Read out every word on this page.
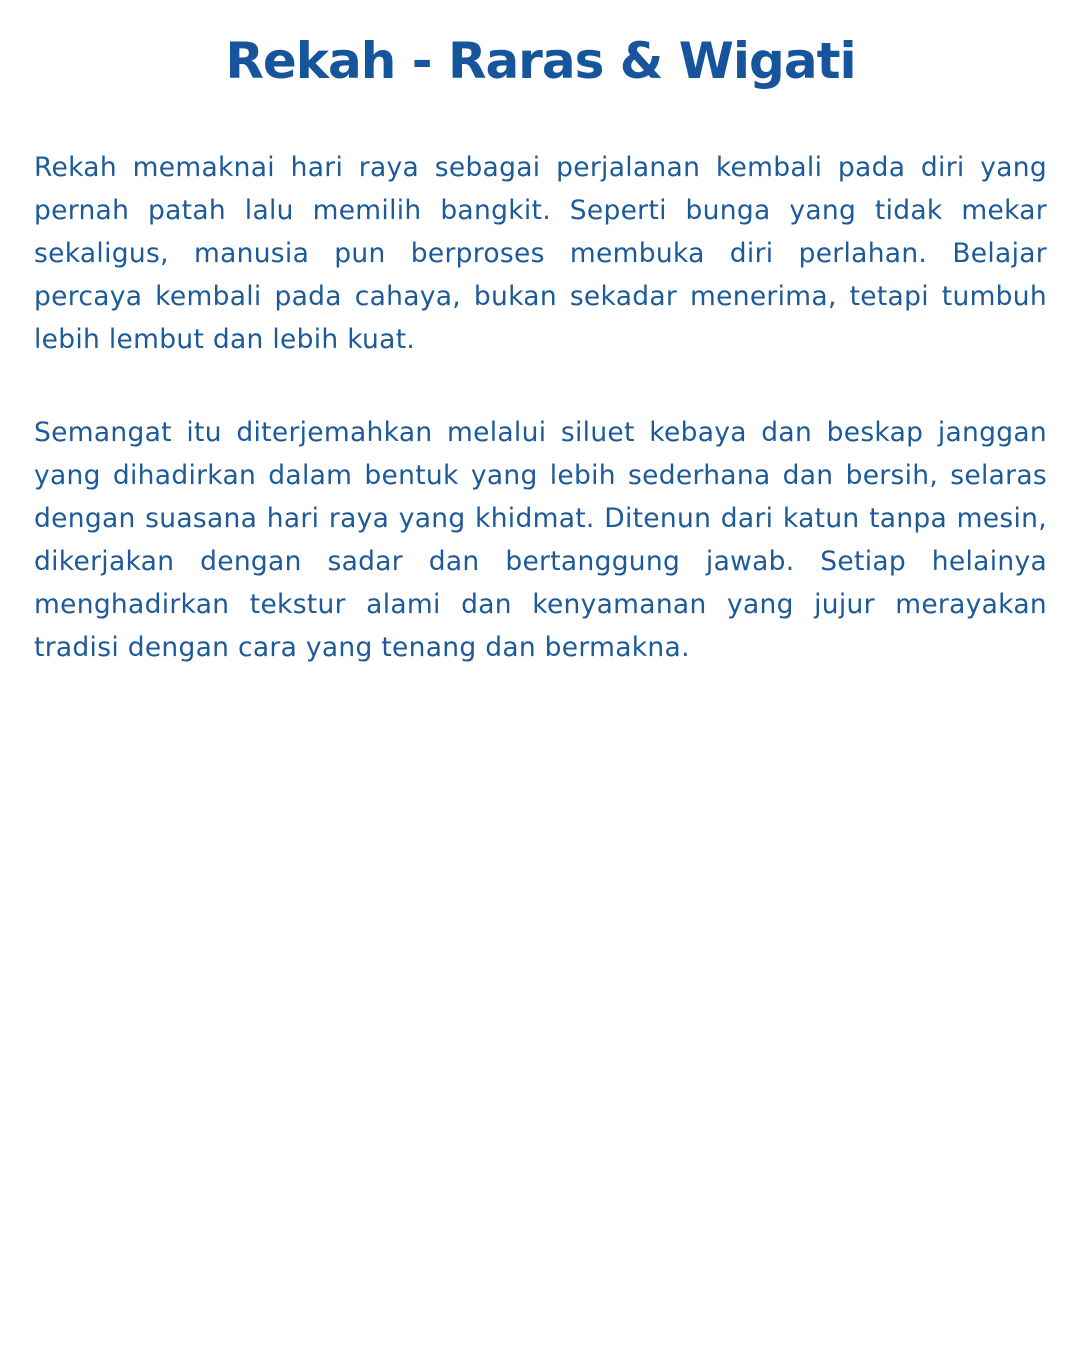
Rekah - Raras & Wigati

Rekah memaknai hari raya sebagai perjalanan kembali pada diri yang pernah patah lalu memilih bangkit. Seperti bunga yang tidak mekar sekaligus, manusia pun berproses membuka diri perlahan. Belajar percaya kembali pada cahaya, bukan sekadar menerima, tetapi tumbuh lebih lembut dan lebih kuat.

Semangat itu diterjemahkan melalui siluet kebaya dan beskap janggan yang dihadirkan dalam bentuk yang lebih sederhana dan bersih, selaras dengan suasana hari raya yang khidmat. Ditenun dari katun tanpa mesin, dikerjakan dengan sadar dan bertanggung jawab. Setiap helainya menghadirkan tekstur alami dan kenyamanan yang jujur merayakan tradisi dengan cara yang tenang dan bermakna.
